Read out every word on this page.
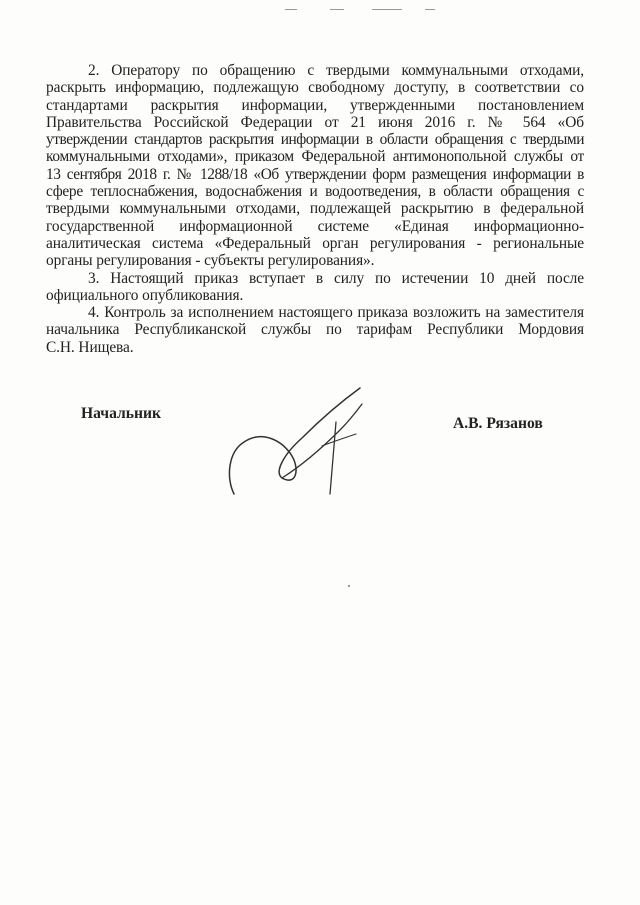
2. Оператору по обращению с твердыми коммунальными отходами,
раскрыть информацию, подлежащую свободному доступу, в соответствии со
стандартами раскрытия информации, утвержденными постановлением
Правительства Российской Федерации от 21 июня 2016 г. № 564 «Об
утверждении стандартов раскрытия информации в области обращения с твердыми
коммунальными отходами», приказом Федеральной антимонопольной службы от
13 сентября 2018 г. № 1288/18 «Об утверждении форм размещения информации в
сфере теплоснабжения, водоснабжения и водоотведения, в области обращения с
твердыми коммунальными отходами, подлежащей раскрытию в федеральной
государственной информационной системе «Единая информационно-
аналитическая система «Федеральный орган регулирования - региональные
органы регулирования - субъекты регулирования».

3. Настоящий приказ вступает в силу по истечении 10 дней после
официального опубликования.

4. Контроль за исполнением настоящего приказа возложить на заместителя
начальника Республиканской службы по тарифам Республики Мордовия
С.Н. Нищева.

Начальник
А.В. Рязанов
